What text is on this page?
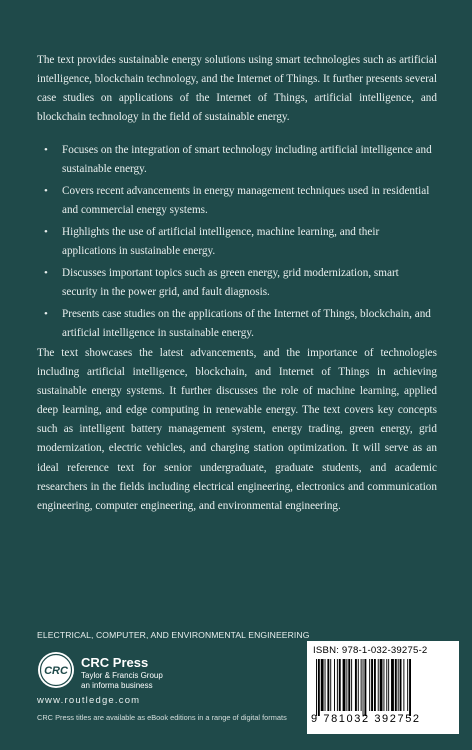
The text provides sustainable energy solutions using smart technologies such as artificial intelligence, blockchain technology, and the Internet of Things. It further presents several case studies on applications of the Internet of Things, artificial intelligence, and blockchain technology in the field of sustainable energy.

• Focuses on the integration of smart technology including artificial intelligence and sustainable energy.
• Covers recent advancements in energy management techniques used in residential and commercial energy systems.
• Highlights the use of artificial intelligence, machine learning, and their applications in sustainable energy.
• Discusses important topics such as green energy, grid modernization, smart security in the power grid, and fault diagnosis.
• Presents case studies on the applications of the Internet of Things, blockchain, and artificial intelligence in sustainable energy.

The text showcases the latest advancements, and the importance of technologies including artificial intelligence, blockchain, and Internet of Things in achieving sustainable energy systems. It further discusses the role of machine learning, applied deep learning, and edge computing in renewable energy. The text covers key concepts such as intelligent battery management system, energy trading, green energy, grid modernization, electric vehicles, and charging station optimization. It will serve as an ideal reference text for senior undergraduate, graduate students, and academic researchers in the fields including electrical engineering, electronics and communication engineering, computer engineering, and environmental engineering.

ELECTRICAL, COMPUTER, AND ENVIRONMENTAL ENGINEERING
CRC
CRC Press
Taylor & Francis Group
an informa business
www.routledge.com
CRC Press titles are available as eBook editions in a range of digital formats
ISBN: 978-1-032-39275-2
9 781032 392752
